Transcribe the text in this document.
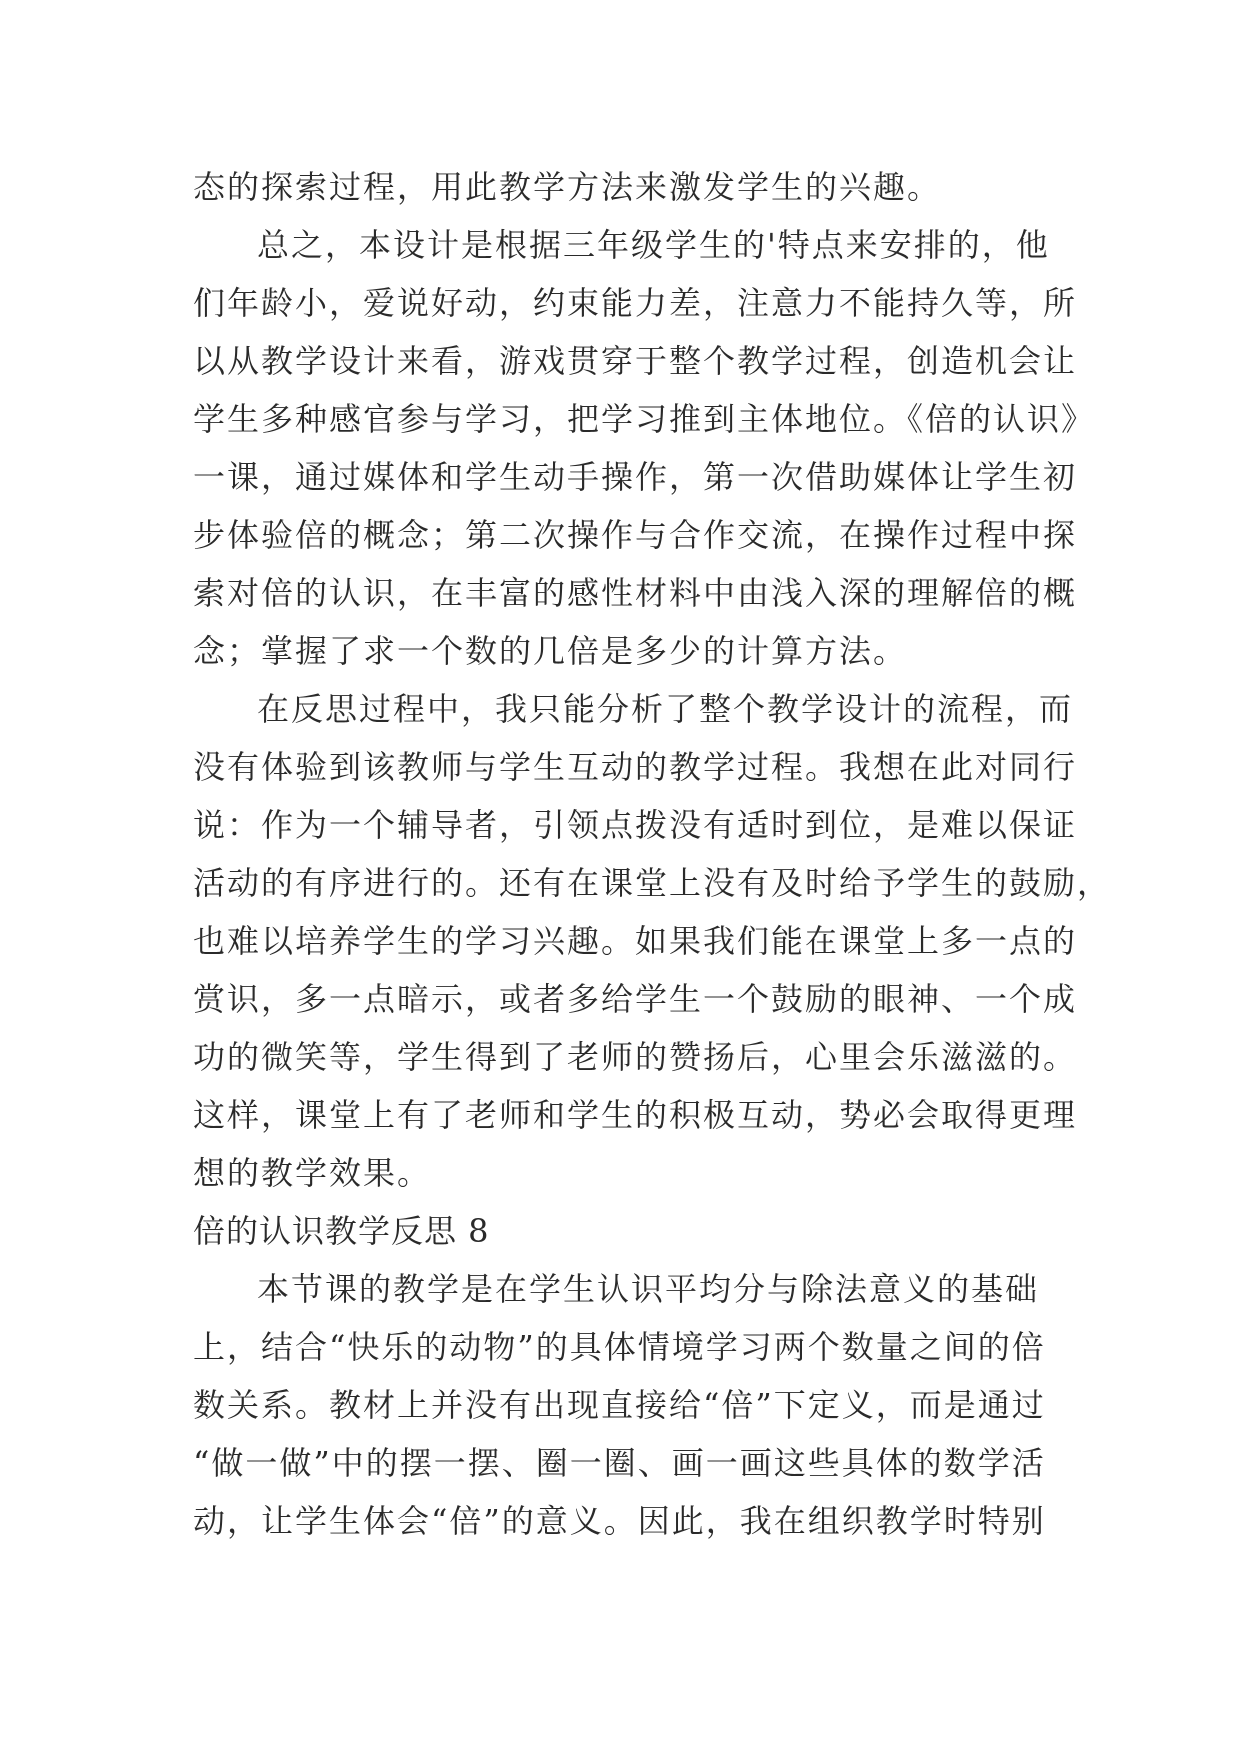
态的探索过程，用此教学方法来激发学生的兴趣。
总之，本设计是根据三年级学生的'特点来安排的，他
们年龄小，爱说好动，约束能力差，注意力不能持久等，所
以从教学设计来看，游戏贯穿于整个教学过程，创造机会让
学生多种感官参与学习，把学习推到主体地位。《倍的认识》
一课，通过媒体和学生动手操作，第一次借助媒体让学生初
步体验倍的概念；第二次操作与合作交流，在操作过程中探
索对倍的认识，在丰富的感性材料中由浅入深的理解倍的概
念；掌握了求一个数的几倍是多少的计算方法。
在反思过程中，我只能分析了整个教学设计的流程，而
没有体验到该教师与学生互动的教学过程。我想在此对同行
说：作为一个辅导者，引领点拨没有适时到位，是难以保证
活动的有序进行的。还有在课堂上没有及时给予学生的鼓励，
也难以培养学生的学习兴趣。如果我们能在课堂上多一点的
赏识，多一点暗示，或者多给学生一个鼓励的眼神、一个成
功的微笑等，学生得到了老师的赞扬后，心里会乐滋滋的。
这样，课堂上有了老师和学生的积极互动，势必会取得更理
想的教学效果。
倍的认识教学反思 8
本节课的教学是在学生认识平均分与除法意义的基础
上，结合“快乐的动物”的具体情境学习两个数量之间的倍
数关系。教材上并没有出现直接给“倍”下定义，而是通过
“做一做”中的摆一摆、圈一圈、画一画这些具体的数学活
动，让学生体会“倍”的意义。因此，我在组织教学时特别
